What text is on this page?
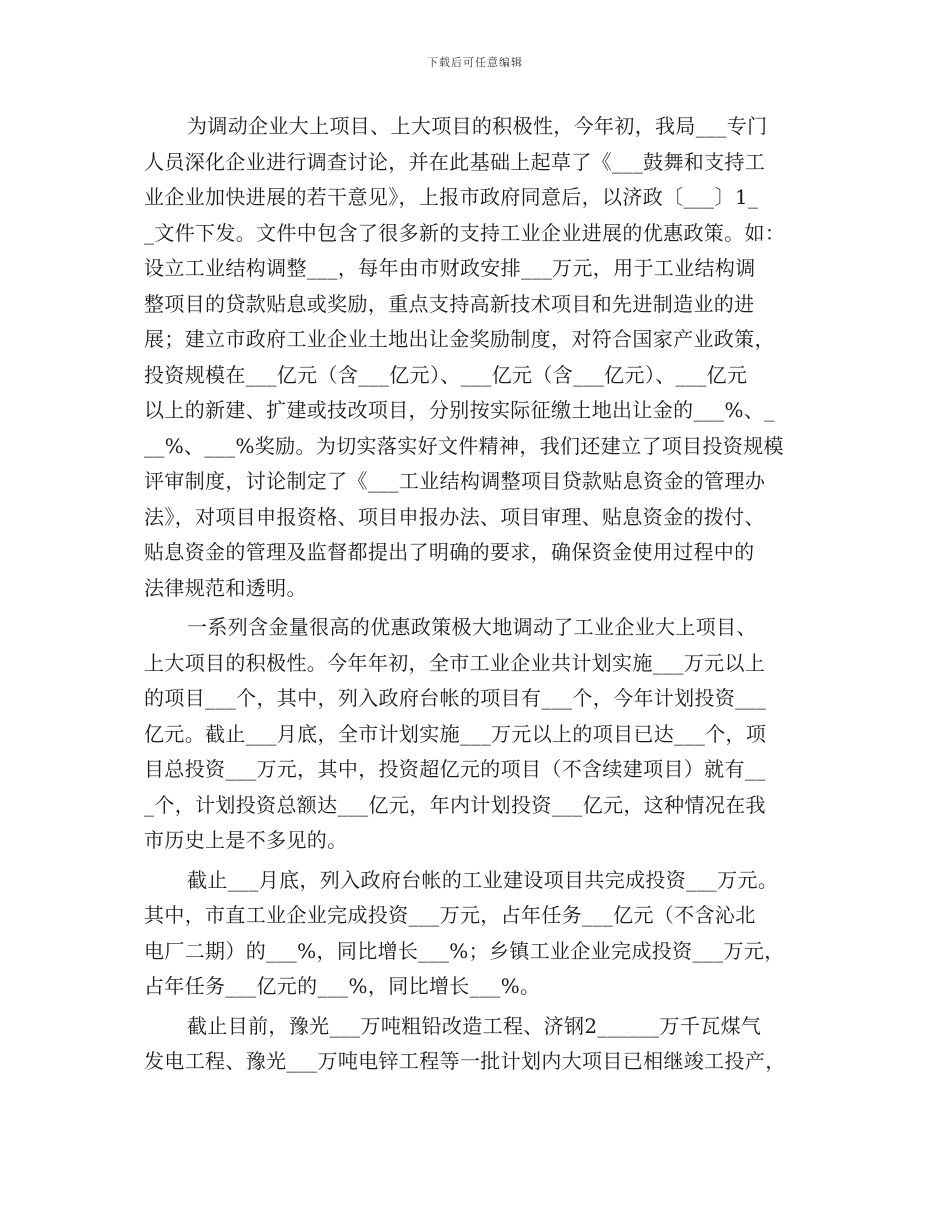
下载后可任意编辑
为调动企业大上项目、上大项目的积极性，今年初，我局___专门
人员深化企业进行调查讨论，并在此基础上起草了《___鼓舞和支持工
业企业加快进展的若干意见》，上报市政府同意后，以济政〔___〕1_
_文件下发。文件中包含了很多新的支持工业企业进展的优惠政策。如：
设立工业结构调整___，每年由市财政安排___万元，用于工业结构调
整项目的贷款贴息或奖励，重点支持高新技术项目和先进制造业的进
展；建立市政府工业企业土地出让金奖励制度，对符合国家产业政策，
投资规模在___亿元（含___亿元）、___亿元（含___亿元）、___亿元
以上的新建、扩建或技改项目，分别按实际征缴土地出让金的___%、_
__%、___%奖励。为切实落实好文件精神，我们还建立了项目投资规模
评审制度，讨论制定了《___工业结构调整项目贷款贴息资金的管理办
法》，对项目申报资格、项目申报办法、项目审理、贴息资金的拨付、
贴息资金的管理及监督都提出了明确的要求，确保资金使用过程中的
法律规范和透明。
一系列含金量很高的优惠政策极大地调动了工业企业大上项目、
上大项目的积极性。今年年初，全市工业企业共计划实施___万元以上
的项目___个，其中，列入政府台帐的项目有___个，今年计划投资___
亿元。截止___月底，全市计划实施___万元以上的项目已达___个，项
目总投资___万元，其中，投资超亿元的项目（不含续建项目）就有__
_个，计划投资总额达___亿元，年内计划投资___亿元，这种情况在我
市历史上是不多见的。
截止___月底，列入政府台帐的工业建设项目共完成投资___万元。
其中，市直工业企业完成投资___万元，占年任务___亿元（不含沁北
电厂二期）的___%，同比增长___%；乡镇工业企业完成投资___万元，
占年任务___亿元的___%，同比增长___%。
截止目前，豫光___万吨粗铅改造工程、济钢2______万千瓦煤气
发电工程、豫光___万吨电锌工程等一批计划内大项目已相继竣工投产，
